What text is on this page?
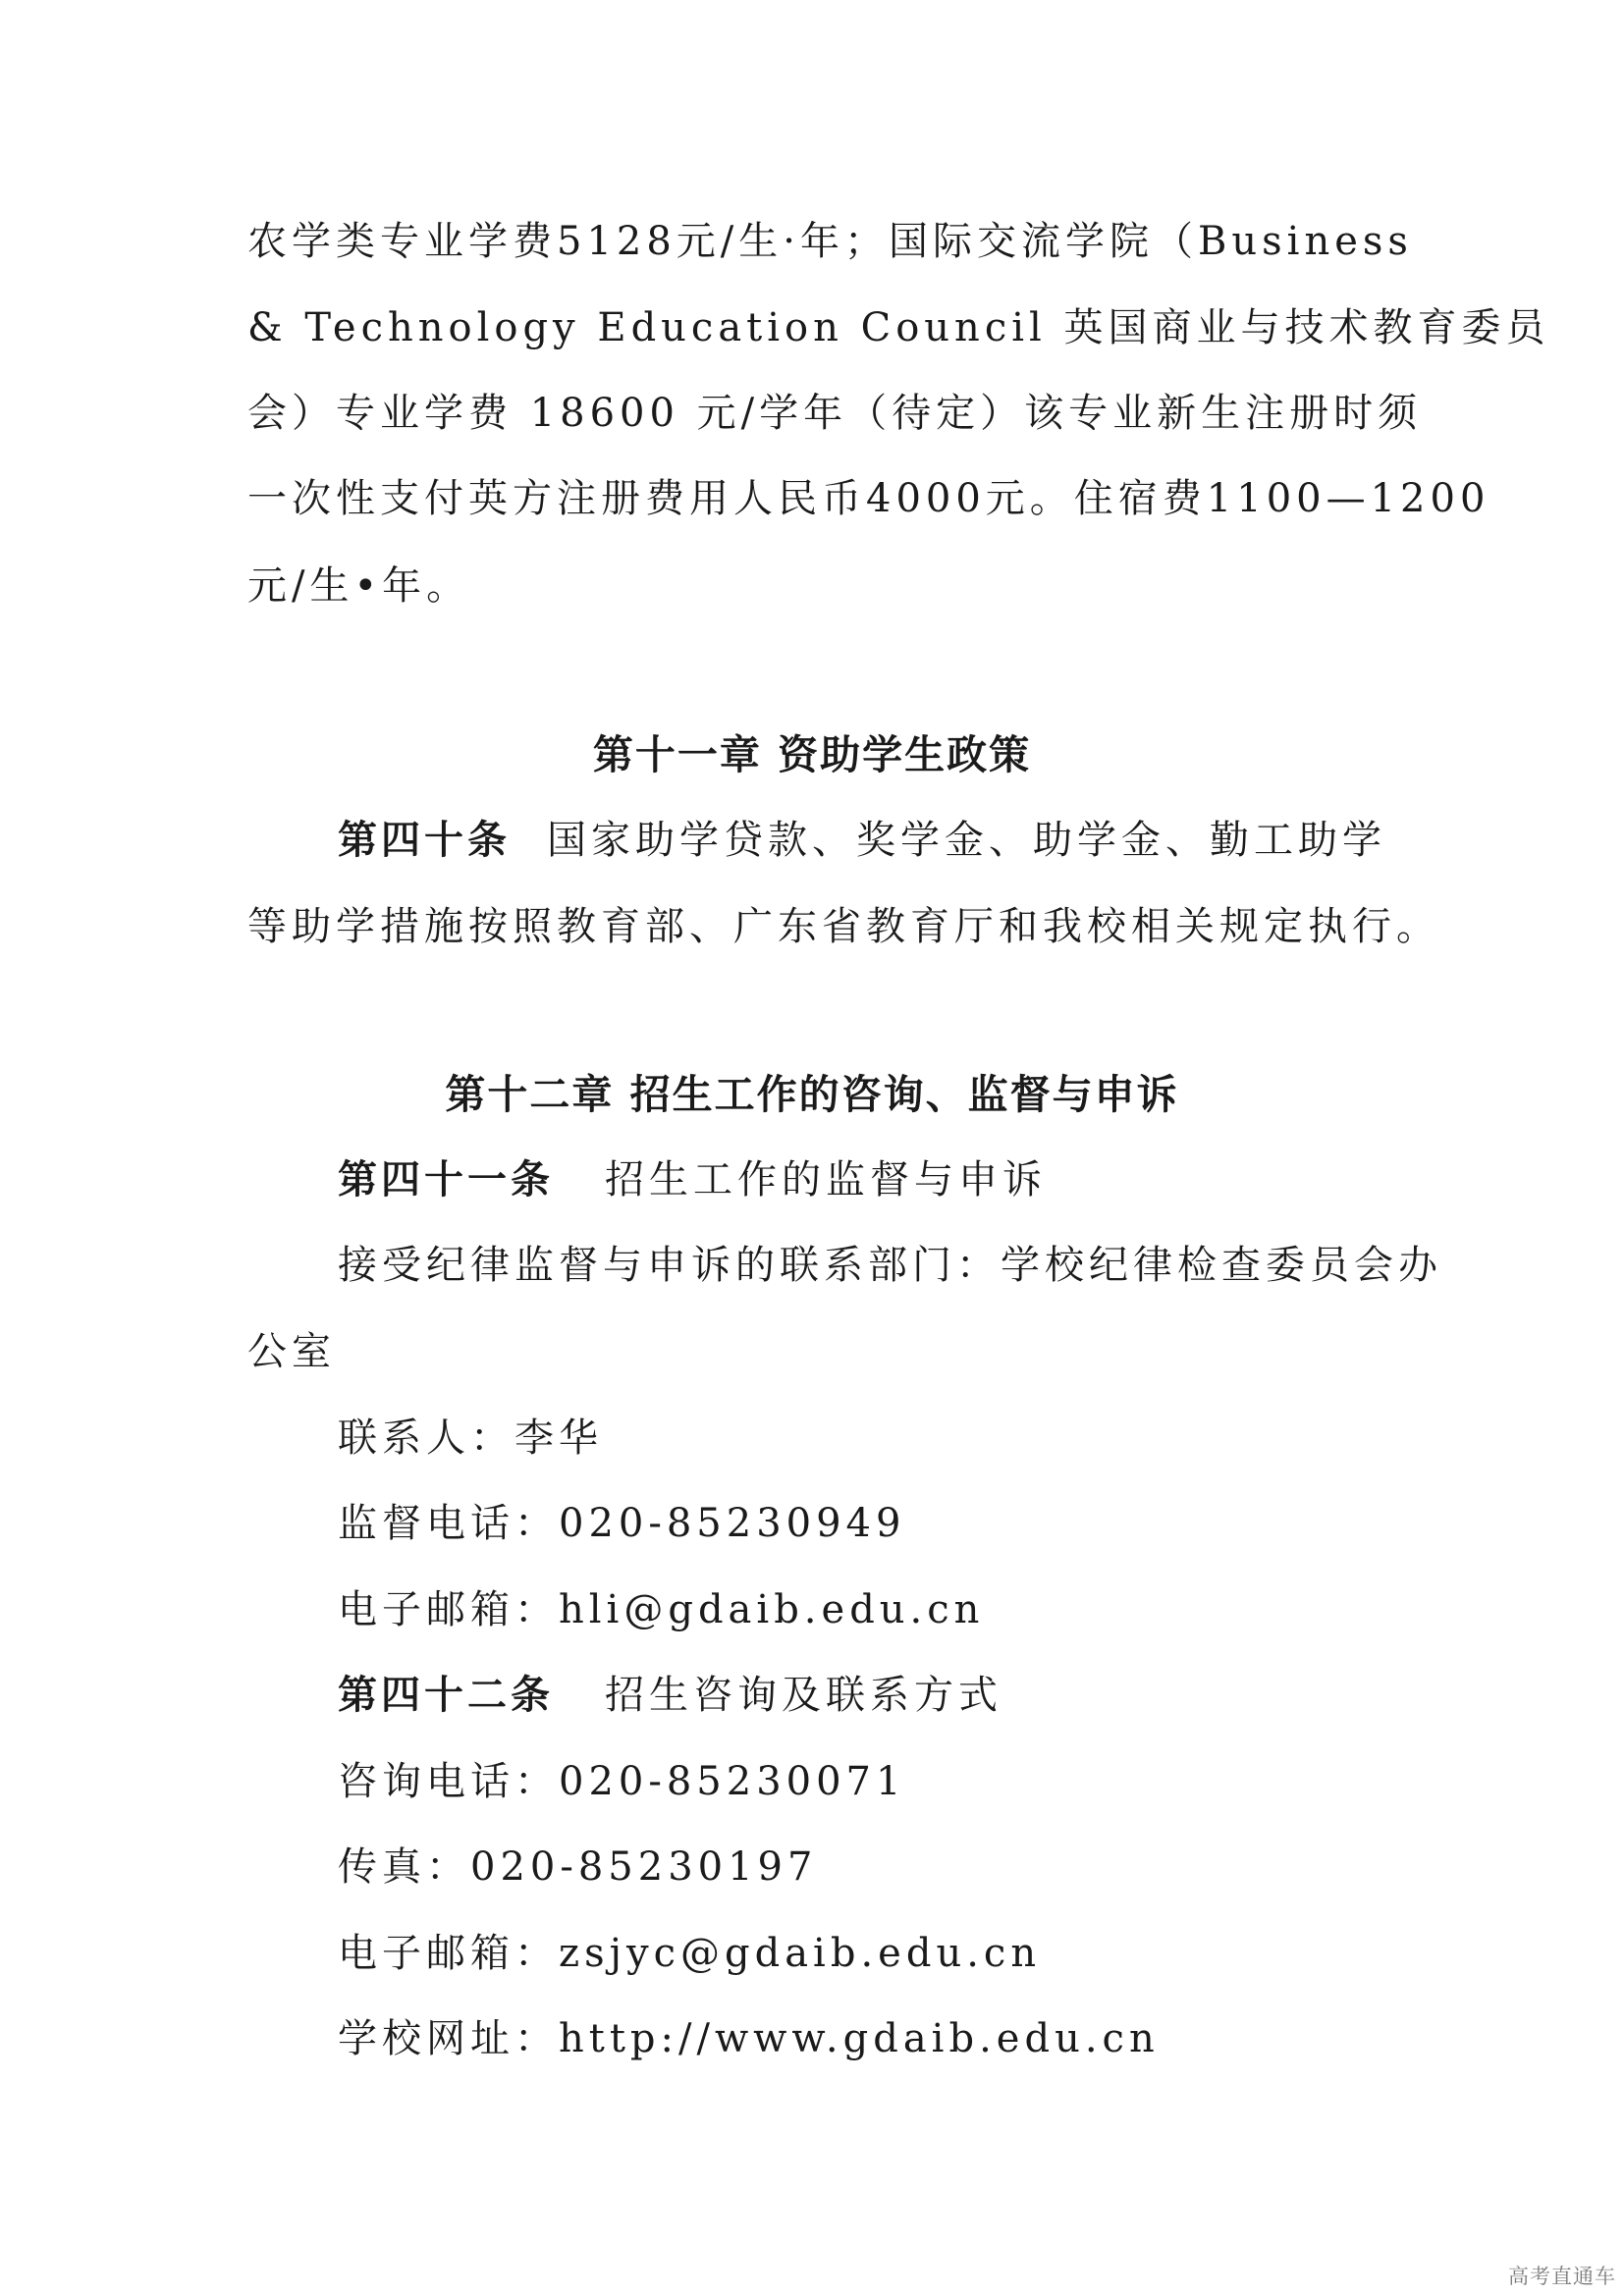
农学类专业学费5128元/生·年；国际交流学院（Business
& Technology Education Council 英国商业与技术教育委员
会）专业学费 18600 元/学年（待定）该专业新生注册时须
一次性支付英方注册费用人民币4000元。住宿费1100—1200
元/生•年。
第十一章 资助学生政策
第四十条 国家助学贷款、奖学金、助学金、勤工助学
等助学措施按照教育部、广东省教育厅和我校相关规定执行。
第十二章 招生工作的咨询、监督与申诉
第四十一条 招生工作的监督与申诉
接受纪律监督与申诉的联系部门：学校纪律检查委员会办
公室
联系人：李华
监督电话：020-85230949
电子邮箱：hli@gdaib.edu.cn
第四十二条 招生咨询及联系方式
咨询电话：020-85230071
传真：020-85230197
电子邮箱：zsjyc@gdaib.edu.cn
学校网址：http://www.gdaib.edu.cn
高考直通车
